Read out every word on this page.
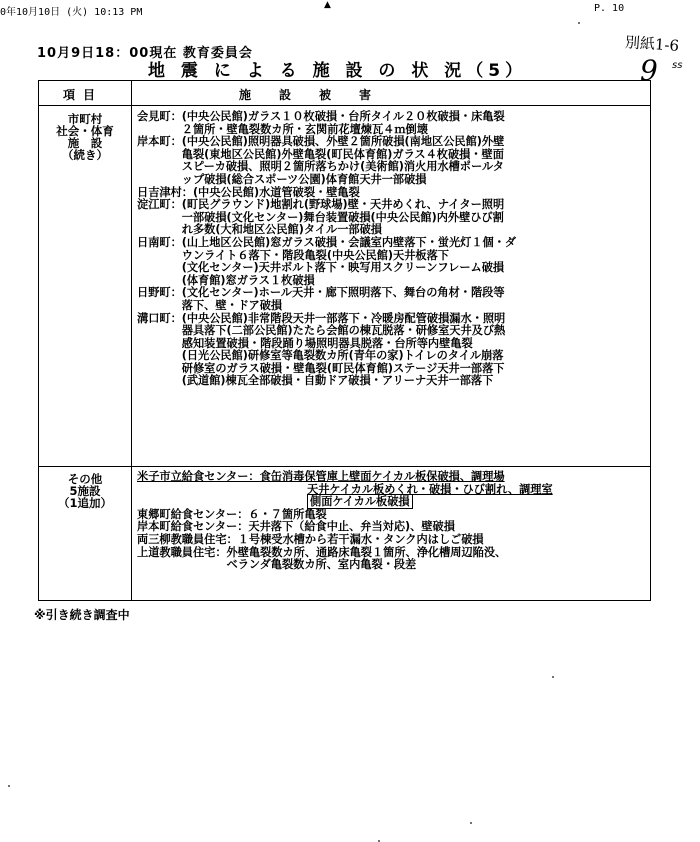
0年10月10日 (火) 10:13 PM
▲	P. 10
別紙1-6
9 ss
10月9日18：00現在 教育委員会
地 震 に よ る 施 設 の 状 況（5）
項目	施設被害
市町村
社会・体育
施　設
（続き）
会見町：(中央公民館)ガラス１０枚破損・台所タイル２０枚破損・床亀裂
　　　　２箇所・壁亀裂数カ所・玄関前花壇煉瓦４ｍ倒壊
岸本町：(中央公民館)照明器具破損、外壁２箇所破損(南地区公民館)外壁
　　　　亀裂(東地区公民館)外壁亀裂(町民体育館)ガラス４枚破損・壁面
　　　　スピーカ破損、照明２箇所落ちかけ(美術館)消火用水槽ポールタ
　　　　ップ破損(総合スポーツ公園)体育館天井一部破損
日吉津村：(中央公民館)水道管破裂・壁亀裂
淀江町：(町民グラウンド)地割れ(野球場)壁・天井めくれ、ナイター照明
　　　　一部破損(文化センター)舞台装置破損(中央公民館)内外壁ひび割
　　　　れ多数(大和地区公民館)タイル一部破損
日南町：(山上地区公民館)窓ガラス破損・会議室内壁落下・蛍光灯１個・ダ
　　　　ウンライト６落下・階段亀裂(中央公民館)天井板落下
　　　　(文化センター)天井ボルト落下・映写用スクリーンフレーム破損
　　　　(体育館)窓ガラス１枚破損
日野町：(文化センター)ホール天井・廊下照明落下、舞台の角材・階段等
　　　　落下、壁・ドア破損
溝口町：(中央公民館)非常階段天井一部落下・冷暖房配管破損漏水・照明
　　　　器具落下(二部公民館)たたら会館の棟瓦脱落・研修室天井及び熱
　　　　感知装置破損・階段踊り場照明器具脱落・台所等内壁亀裂
　　　　(日光公民館)研修室等亀裂数カ所(青年の家)トイレのタイル崩落
　　　　研修室のガラス破損・壁亀裂(町民体育館)ステージ天井一部落下
　　　　(武道館)棟瓦全部破損・自動ドア破損・アリーナ天井一部落下
その他
5施設
（1追加）
米子市立給食センター：食缶消毒保管庫上壁面ケイカル板保破損、調理場
天井ケイカル板めくれ・破損・ひび割れ、調理室
側面ケイカル板破損
東郷町給食センター：６・７箇所亀裂
岸本町給食センター：天井落下（給食中止、弁当対応)、壁破損
両三柳教職員住宅：１号棟受水槽から若干漏水・タンク内はしご破損
上道教職員住宅：外壁亀裂数カ所、通路床亀裂１箇所、浄化槽周辺陥没、
　　　　　　　　ベランダ亀裂数カ所、室内亀裂・段差
※引き続き調査中
